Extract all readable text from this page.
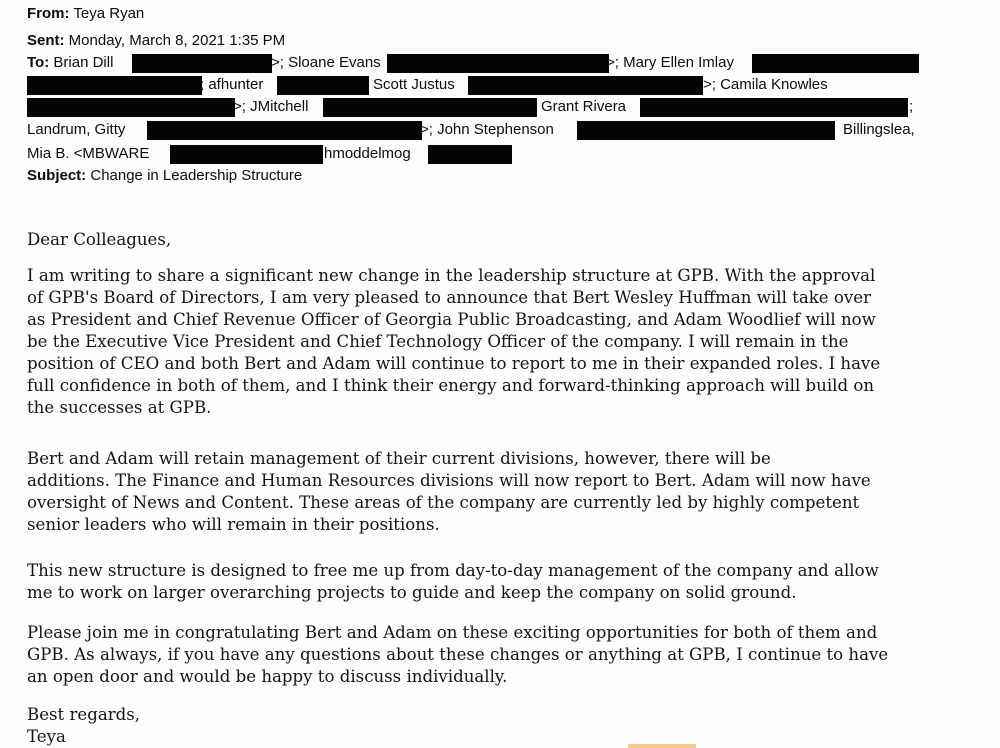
From: Teya Ryan
Sent: Monday, March 8, 2021 1:35 PM
To: Brian Dill	>; Sloane Evans	>; Mary Ellen Imlay
; afhunter	Scott Justus	>; Camila Knowles
>; JMitchell	Grant Rivera	;
Landrum, Gitty	>; John Stephenson	Billingslea,
Mia B. <MBWARE	hmoddelmog
Subject: Change in Leadership Structure
Dear Colleagues,
I am writing to share a significant new change in the leadership structure at GPB. With the approval
of GPB's Board of Directors, I am very pleased to announce that Bert Wesley Huffman will take over
as President and Chief Revenue Officer of Georgia Public Broadcasting, and Adam Woodlief will now
be the Executive Vice President and Chief Technology Officer of the company. I will remain in the
position of CEO and both Bert and Adam will continue to report to me in their expanded roles. I have
full confidence in both of them, and I think their energy and forward-thinking approach will build on
the successes at GPB.
Bert and Adam will retain management of their current divisions, however, there will be
additions. The Finance and Human Resources divisions will now report to Bert. Adam will now have
oversight of News and Content. These areas of the company are currently led by highly competent
senior leaders who will remain in their positions.
This new structure is designed to free me up from day-to-day management of the company and allow
me to work on larger overarching projects to guide and keep the company on solid ground.
Please join me in congratulating Bert and Adam on these exciting opportunities for both of them and
GPB. As always, if you have any questions about these changes or anything at GPB, I continue to have
an open door and would be happy to discuss individually.
Best regards,
Teya
